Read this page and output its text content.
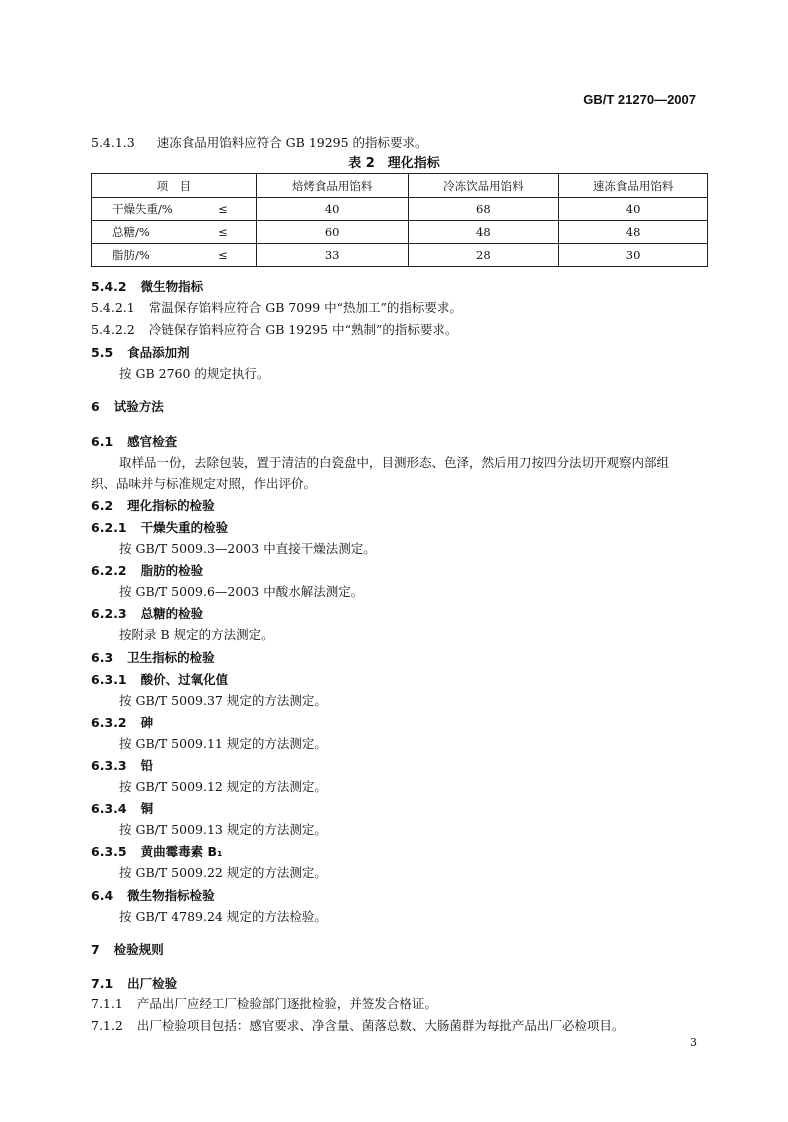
GB/T 21270—2007
5.4.1.3 速冻食品用馅料应符合 GB 19295 的指标要求。
表 2　理化指标
项　目	焙烤食品用馅料	冷冻饮品用馅料	速冻食品用馅料
干燥失重/% ≤	40	68	40
总糖/% ≤	60	48	48
脂肪/% ≤	33	28	30
5.4.2 微生物指标
5.4.2.1 常温保存馅料应符合 GB 7099 中“热加工”的指标要求。
5.4.2.2 冷链保存馅料应符合 GB 19295 中“熟制”的指标要求。
5.5 食品添加剂
按 GB 2760 的规定执行。
6 试验方法
6.1 感官检查
取样品一份，去除包装，置于清洁的白瓷盘中，目测形态、色泽，然后用刀按四分法切开观察内部组
织、品味并与标准规定对照，作出评价。
6.2 理化指标的检验
6.2.1 干燥失重的检验
按 GB/T 5009.3—2003 中直接干燥法测定。
6.2.2 脂肪的检验
按 GB/T 5009.6—2003 中酸水解法测定。
6.2.3 总糖的检验
按附录 B 规定的方法测定。
6.3 卫生指标的检验
6.3.1 酸价、过氧化值
按 GB/T 5009.37 规定的方法测定。
6.3.2 砷
按 GB/T 5009.11 规定的方法测定。
6.3.3 铅
按 GB/T 5009.12 规定的方法测定。
6.3.4 铜
按 GB/T 5009.13 规定的方法测定。
6.3.5 黄曲霉毒素 B₁
按 GB/T 5009.22 规定的方法测定。
6.4 微生物指标检验
按 GB/T 4789.24 规定的方法检验。
7 检验规则
7.1 出厂检验
7.1.1 产品出厂应经工厂检验部门逐批检验，并签发合格证。
7.1.2 出厂检验项目包括：感官要求、净含量、菌落总数、大肠菌群为每批产品出厂必检项目。
3
